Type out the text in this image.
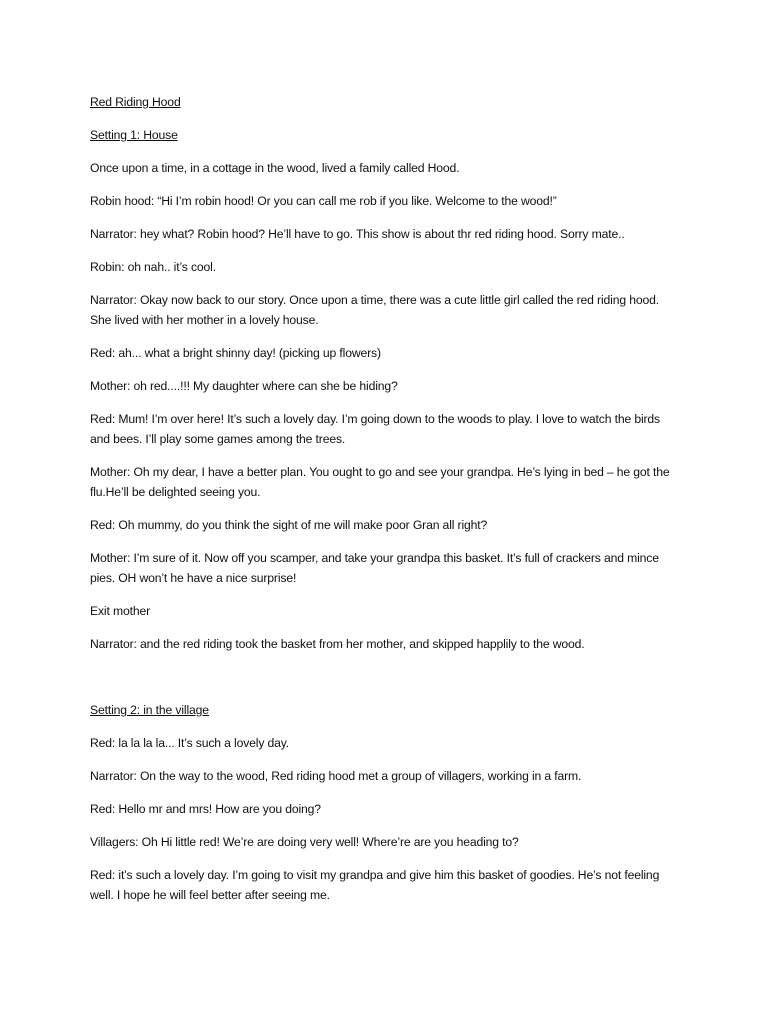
Red Riding Hood

Setting 1: House

Once upon a time, in a cottage in the wood, lived a family called Hood.

Robin hood: “Hi I’m robin hood! Or you can call me rob if you like. Welcome to the wood!”

Narrator: hey what? Robin hood? He’ll have to go. This show is about thr red riding hood. Sorry mate..

Robin: oh nah.. it’s cool.

Narrator: Okay now back to our story. Once upon a time, there was a cute little girl called the red riding hood. She lived with her mother in a lovely house.

Red: ah... what a bright shinny day! (picking up flowers)

Mother: oh red....!!! My daughter where can she be hiding?

Red: Mum! I’m over here! It’s such a lovely day. I’m going down to the woods to play. I love to watch the birds and bees. I’ll play some games among the trees.

Mother: Oh my dear, I have a better plan. You ought to go and see your grandpa. He’s lying in bed – he got the flu.He’ll be delighted seeing you.

Red: Oh mummy, do you think the sight of me will make poor Gran all right?

Mother: I’m sure of it. Now off you scamper, and take your grandpa this basket. It’s full of crackers and mince pies. OH won’t he have a nice surprise!

Exit mother

Narrator: and the red riding took the basket from her mother, and skipped happlily to the wood.

Setting 2: in the village

Red: la la la la... It’s such a lovely day.

Narrator: On the way to the wood, Red riding hood met a group of villagers, working in a farm.

Red: Hello mr and mrs! How are you doing?

Villagers: Oh Hi little red! We’re are doing very well! Where’re are you heading to?

Red: it’s such a lovely day. I’m going to visit my grandpa and give him this basket of goodies. He’s not feeling well. I hope he will feel better after seeing me.
